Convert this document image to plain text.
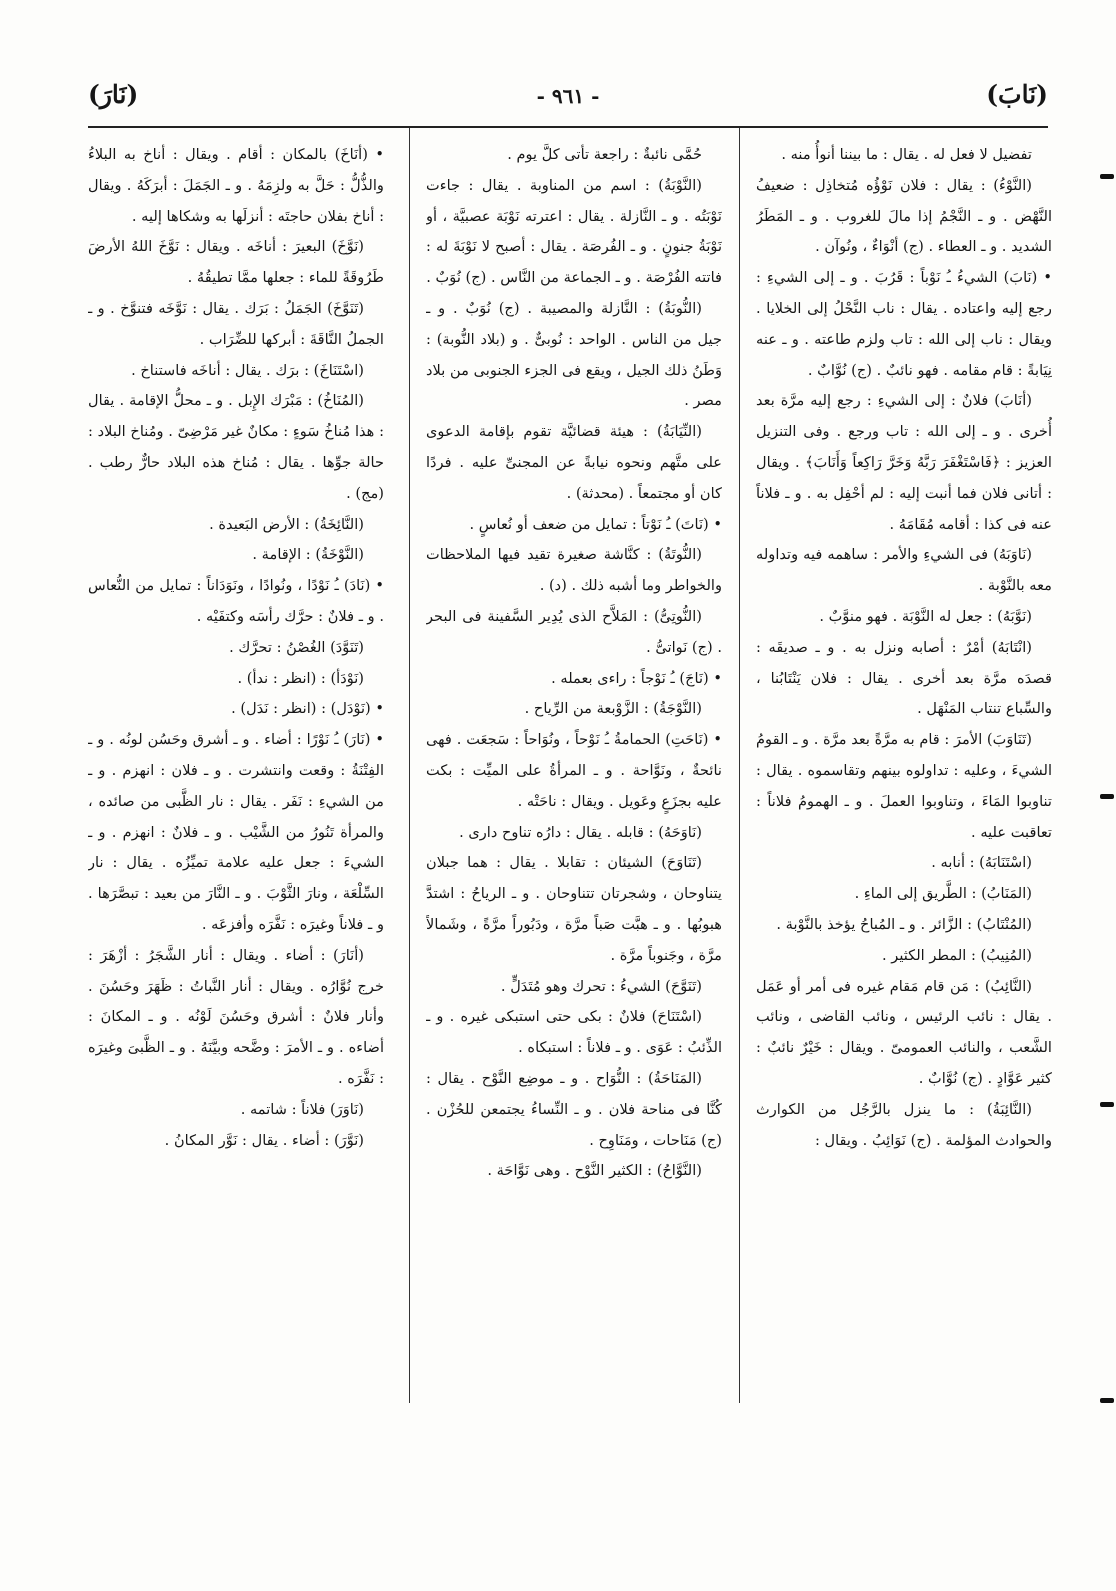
(نَابَ)
- ٩٦١ -
(نَارَ)

تفضيل لا فعل له . يقال : ما بيننا أنوأُ منه .

(النَّوْءُ) : يقال : فلان نَوْؤُه مُتخاذِل : ضعيفُ النَّهْض . و ـ النَّجْمُ إذا مالَ للغروب . و ـ المَطَرُ الشديد . و ـ العطاء . (ج) أنْوَاءٌ ، ونُوآن .

• (نَابَ) الشيءُ ـُ نَوْباً : قَرُبَ . و ـ إلى الشيءِ : رجع إليه واعتاده . يقال : ناب النَّحْلُ إلى الخلايا . ويقال : ناب إلى الله : تاب ولزم طاعته . و ـ عنه نِيَابةً : قام مقامه . فهو نائبٌ . (ج) نُوَّابٌ .

(أنَابَ) فلانٌ : إلى الشيءِ : رجع إليه مرَّة بعد أُخرى . و ـ إلى الله : تاب ورجع . وفى التنزيل العزيز : ﴿فَاسْتَغْفَرَ رَبَّهُ وَخَرَّ رَاكِعاً وَأَنَابَ﴾ . ويقال : أتانى فلان فما أنبت إليه : لم أحْفِل به . و ـ فلاناً عنه فى كذا : أقامه مُقَامَهُ .

(نَاوَبَهُ) فى الشيءِ والأمر : ساهمه فيه وتداوله معه بالنَّوْبة .

(نَوَّبَهُ) : جعل له النَّوْبَة . فهو منوَّبٌ .

(انْتَابَهُ) أمْرٌ : أصابه ونزل به . و ـ صديقَه : قصدَه مرَّة بعد أخرى . يقال : فلان يَنْتَابُنا ، والسِّباع تنتاب المَنْهَل .

(تَنَاوَبَ) الأمرَ : قام به مرَّةً بعد مرَّة . و ـ القومُ الشيءَ ، وعليه : تداولوه بينهم وتقاسموه . يقال : تناوبوا المَاءَ ، وتناوبوا العملَ . و ـ الهمومُ فلاناً : تعاقبت عليه .

(اسْتَنَابَهُ) : أنابه .

(المَنَابُ) : الطَّريق إلى الماءِ .

(المُنْتَابُ) : الزَّائر . و ـ المُباحُ يؤخذ بالنَّوْبة .

(المُنِيبُ) : المطر الكثير .

(النَّائِبُ) : مَن قام مَقام غيره فى أمر أو عَمَل . يقال : نائب الرئيس ، ونائب القاضى ، ونائب الشَّعب ، والنائب العمومىّ . ويقال : خَيْرٌ نائبٌ : كثير عَوَّادٍ . (ج) نُوَّابٌ .

(النَّائِبَةُ) : ما ينزل بالرَّجُل من الكوارث والحوادث المؤلمة . (ج) نَوَائِبُ . ويقال :

حُمَّى نائبةٌ : راجعة تأتى كلَّ يوم .

(النَّوْبَةُ) : اسم من المناوبة . يقال : جاءت نَوْبَتُه . و ـ النَّازلة . يقال : اعترته نَوْبَة عصبيَّة ، أو نَوْبَةُ جنونٍ . و ـ الفُرصَة . يقال : أصبح لا نَوْبَةَ له : فاتته الفُرْصَة . و ـ الجماعة من النَّاس . (ج) نُوَبٌ .

(النُّوبَةُ) : النَّازلة والمصيبة . (ج) نُوَبٌ . و ـ جيل من الناس . الواحد : نُوبىٌّ . و (بلاد النُّوبة) : وَطَنُ ذلك الجيل ، ويقع فى الجزء الجنوبى من بلاد مصر .

(النِّيَابَةُ) : هيئة قضائيَّة تقوم بإقامة الدعوى على متَّهم ونحوه نيابةً عن المجنىِّ عليه . فردًا كان أو مجتمعاً . (محدثة) .

• (نَاتَ) ـُ نَوْتاً : تمايل من ضعف أو نُعاسٍ .

(النُّوتَةُ) : كنَّاشة صغيرة تقيد فيها الملاحظات والخواطر وما أشبه ذلك . (د) .

(النُّوتِىُّ) : المَلاَّح الذى يُدِير السَّفينة فى البحر . (ج) نَواتىُّ .

• (نَاجَ) ـُ نَوْجاً : راءى بعمله .

(النَّوْجَةُ) : الزَّوْبعة من الرِّياح .

• (نَاحَتِ) الحمامةُ ـُ نَوْحاً ، ونُوَاحاً : سَجعَت . فهى نائحةٌ ، ونَوَّاحة . و ـ المرأةُ على الميِّت : بكت عليه بجزَعٍ وعَويل . ويقال : ناحَتْه .

(نَاوَحَهُ) : قابله . يقال : دارُه تناوح دارى .

(تَنَاوَحَ) الشيئان : تقابلا . يقال : هما جبلان يتناوحان ، وشجرتان تتناوحان . و ـ الرياحُ : اشتدَّ هبوبُها . و ـ هبَّت صَباً مرَّة ، ودَبُوراً مرَّةً ، وشَمالاً مرَّة ، وجَنوباً مرَّة .

(تَنَوَّحَ) الشيءُ : تحرك وهو مُتَدَلٍّ .

(اسْتَنَاحَ) فلانٌ : بكى حتى استبكى غيره . و ـ الذِّئبُ : عَوَى . و ـ فلاناً : استبكاه .

(المَنَاحَةُ) : النُّوَاح . و ـ موضِع النَّوْح . يقال : كُنَّا فى مناحة فلان . و ـ النِّساءُ يجتمعن للحُزْن . (ج) مَنَاحات ، ومَنَاوِح .

(النَّوَّاحُ) : الكثير النَّوْح . وهى نَوَّاحَة .

• (أنَاخَ) بالمكان : أقام . ويقال : أناخ به البلاءُ والذُّلُّ : حَلَّ به ولزِمَهُ . و ـ الجَمَلَ : أبرَكَهُ . ويقال : أناخ بفلان حاجتَه : أنزلَها به وشكاها إليه .

(نَوَّخَ) البعيرَ : أناخَه . ويقال : نَوَّخَ اللهُ الأرضَ طَرُوقَةً للماء : جعلها ممَّا تطيقُهُ .

(تَنَوَّخَ) الجَمَلُ : بَرَك . يقال : نَوَّخَه فتنوَّخ . و ـ الجملُ النَّاقَةَ : أبركها للضِّرَاب .

(اسْتَنَاخَ) : برَك . يقال : أناخَه فاستناخ .

(المُنَاخُ) : مَبْرَك الإِبل . و ـ محلُّ الإقامة . يقال : هذا مُناخُ سَوءٍ : مكانٌ غير مَرْضِىّ . ومُناخ البلاد : حالة جوِّها . يقال : مُناخ هذه البلاد حارٌّ رطب . (مج) .

(النَّائِخَةُ) : الأرض البَعيدة .

(النَّوْخَةُ) : الإقامة .

• (نَادَ) ـُ نَوْدًا ، ونُوادًا ، ونَوَدَاناً : تمايل من النُّعاس . و ـ فلانٌ : حرَّك رأسَه وكتفَيْه .

(تَنَوَّدَ) الغُصْنُ : تحرَّك .

(نَوْدَأ) : (انظر : ندأ) .

• (نَوْدَل) : (انظر : نَدَل) .

• (نَارَ) ـُ نَوْرًا : أضاء . و ـ أشرق وحَسُن لونُه . و ـ الفِتْنَةُ : وقعت وانتشرت . و ـ فلان : انهزم . و ـ من الشيءِ : نَفَر . يقال : نار الظَّبى من صائده ، والمرأة تَنُورُ من الشَّيْب . و ـ فلانٌ : انهزم . و ـ الشيءَ : جعل عليه علامة تميِّزُه . يقال : نار السِّلْعَة ، ونارَ الثَّوْبَ . و ـ النَّارَ من بعيد : تبصَّرَها . و ـ فلاناً وغيرَه : نَفَّرَه وأفزعَه .

(أنَارَ) : أضاء . ويقال : أنار الشَّجَرُ : أزْهَرَ : خرج نُوَّارُه . ويقال : أنار النَّباتُ : ظَهَرَ وحَسُنَ . وأنار فلانٌ : أشرق وحَسُنَ لَوْنُه . و ـ المكانَ : أضاءه . و ـ الأمرَ : وضَّحه وبيَّنَهُ . و ـ الظَّبىَ وغيرَه : نَفَّرَه .

(نَاوَرَ) فلاناً : شاتمه .

(نَوَّرَ) : أضاء . يقال : نَوَّر المكانُ .
